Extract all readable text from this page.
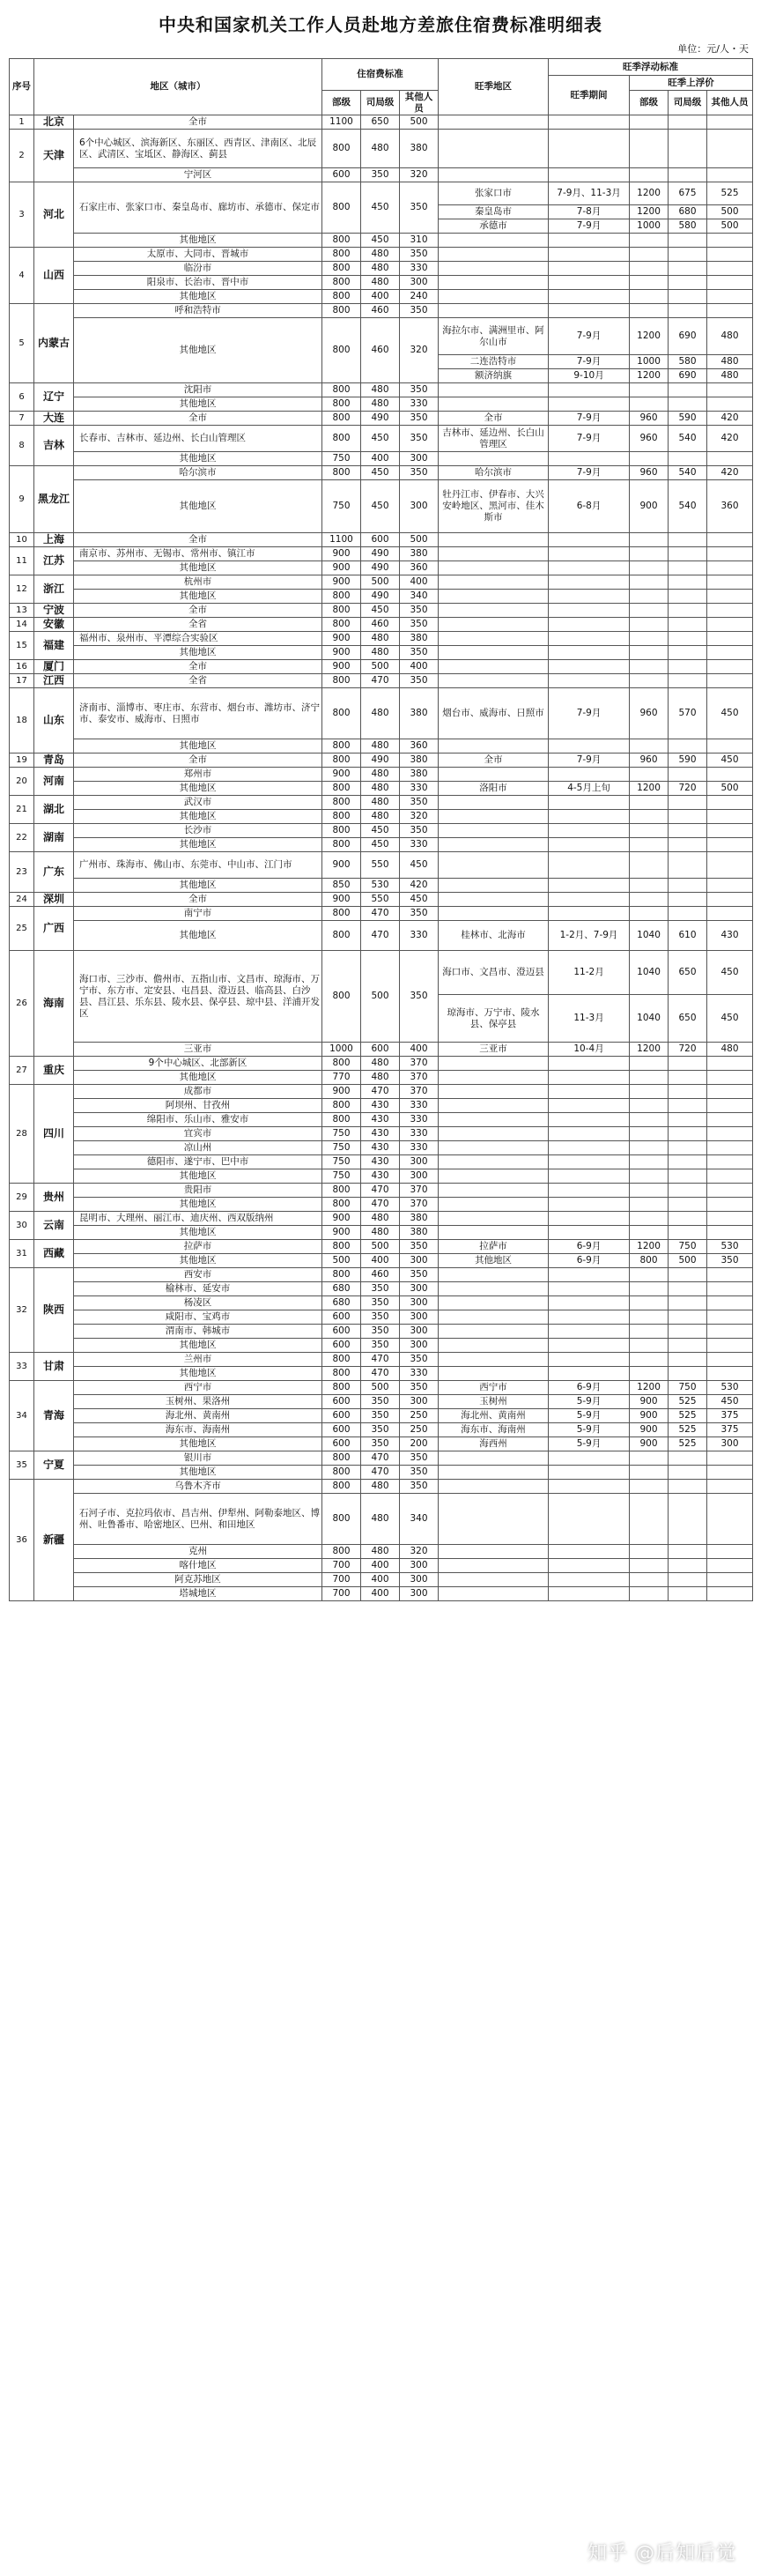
中央和国家机关工作人员赴地方差旅住宿费标准明细表
单位：元/人・天
序号	地区（城市）		住宿费标准			旺季地区	旺季浮动标准			
							旺季期间	旺季上浮价		
			部级	司局级	其他人员			部级	司局级	其他人员
1	北京	全市	1100	650	500					
2	天津	6个中心城区、滨海新区、东丽区、西青区、津南区、北辰区、武清区、宝坻区、静海区、蓟县	800	480	380					
		宁河区	600	350	320					
3	河北	石家庄市、张家口市、秦皇岛市、廊坊市、承德市、保定市	800	450	350	张家口市	7-9月、11-3月	1200	675	525
						秦皇岛市	7-8月	1200	680	500
						承德市	7-9月	1000	580	500
		其他地区	800	450	310					
4	山西	太原市、大同市、晋城市	800	480	350					
		临汾市	800	480	330					
		阳泉市、长治市、晋中市	800	480	300					
		其他地区	800	400	240					
5	内蒙古	呼和浩特市	800	460	350					
		其他地区	800	460	320	海拉尔市、满洲里市、阿尔山市	7-9月	1200	690	480
						二连浩特市	7-9月	1000	580	480
						额济纳旗	9-10月	1200	690	480
6	辽宁	沈阳市	800	480	350					
		其他地区	800	480	330					
7	大连	全市	800	490	350	全市	7-9月	960	590	420
8	吉林	长春市、吉林市、延边州、长白山管理区	800	450	350	吉林市、延边州、长白山管理区	7-9月	960	540	420
		其他地区	750	400	300					
9	黑龙江	哈尔滨市	800	450	350	哈尔滨市	7-9月	960	540	420
		其他地区	750	450	300	牡丹江市、伊春市、大兴安岭地区、黑河市、佳木斯市	6-8月	900	540	360
10	上海	全市	1100	600	500					
11	江苏	南京市、苏州市、无锡市、常州市、镇江市	900	490	380					
		其他地区	900	490	360					
12	浙江	杭州市	900	500	400					
		其他地区	800	490	340					
13	宁波	全市	800	450	350					
14	安徽	全省	800	460	350					
15	福建	福州市、泉州市、平潭综合实验区	900	480	380					
		其他地区	900	480	350					
16	厦门	全市	900	500	400					
17	江西	全省	800	470	350					
18	山东	济南市、淄博市、枣庄市、东营市、烟台市、潍坊市、济宁市、泰安市、威海市、日照市	800	480	380	烟台市、威海市、日照市	7-9月	960	570	450
		其他地区	800	480	360					
19	青岛	全市	800	490	380	全市	7-9月	960	590	450
20	河南	郑州市	900	480	380					
		其他地区	800	480	330	洛阳市	4-5月上旬	1200	720	500
21	湖北	武汉市	800	480	350					
		其他地区	800	480	320					
22	湖南	长沙市	800	450	350					
		其他地区	800	450	330					
23	广东	广州市、珠海市、佛山市、东莞市、中山市、江门市	900	550	450					
		其他地区	850	530	420					
24	深圳	全市	900	550	450					
25	广西	南宁市	800	470	350					
		其他地区	800	470	330	桂林市、北海市	1-2月、7-9月	1040	610	430
26	海南	海口市、三沙市、儋州市、五指山市、文昌市、琼海市、万宁市、东方市、定安县、屯昌县、澄迈县、临高县、白沙县、昌江县、乐东县、陵水县、保亭县、琼中县、洋浦开发区	800	500	350	海口市、文昌市、澄迈县	11-2月	1040	650	450
						琼海市、万宁市、陵水县、保亭县	11-3月	1040	650	450
		三亚市	1000	600	400	三亚市	10-4月	1200	720	480
27	重庆	9个中心城区、北部新区	800	480	370					
		其他地区	770	480	370					
28	四川	成都市	900	470	370					
		阿坝州、甘孜州	800	430	330					
		绵阳市、乐山市、雅安市	800	430	330					
		宜宾市	750	430	330					
		凉山州	750	430	330					
		德阳市、遂宁市、巴中市	750	430	300					
		其他地区	750	430	300					
29	贵州	贵阳市	800	470	370					
		其他地区	800	470	370					
30	云南	昆明市、大理州、丽江市、迪庆州、西双版纳州	900	480	380					
		其他地区	900	480	380					
31	西藏	拉萨市	800	500	350	拉萨市	6-9月	1200	750	530
		其他地区	500	400	300	其他地区	6-9月	800	500	350
32	陕西	西安市	800	460	350					
		榆林市、延安市	680	350	300					
		杨凌区	680	350	300					
		咸阳市、宝鸡市	600	350	300					
		渭南市、韩城市	600	350	300					
		其他地区	600	350	300					
33	甘肃	兰州市	800	470	350					
		其他地区	800	470	330					
34	青海	西宁市	800	500	350	西宁市	6-9月	1200	750	530
		玉树州、果洛州	600	350	300	玉树州	5-9月	900	525	450
		海北州、黄南州	600	350	250	海北州、黄南州	5-9月	900	525	375
		海东市、海南州	600	350	250	海东市、海南州	5-9月	900	525	375
		其他地区	600	350	200	海西州	5-9月	900	525	300
35	宁夏	银川市	800	470	350					
		其他地区	800	470	350					
36	新疆	乌鲁木齐市	800	480	350					
		石河子市、克拉玛依市、昌吉州、伊犁州、阿勒泰地区、博州、吐鲁番市、哈密地区、巴州、和田地区	800	480	340					
		克州	800	480	320					
		喀什地区	700	400	300					
		阿克苏地区	700	400	300					
		塔城地区	700	400	300					
知乎 @后知后觉
